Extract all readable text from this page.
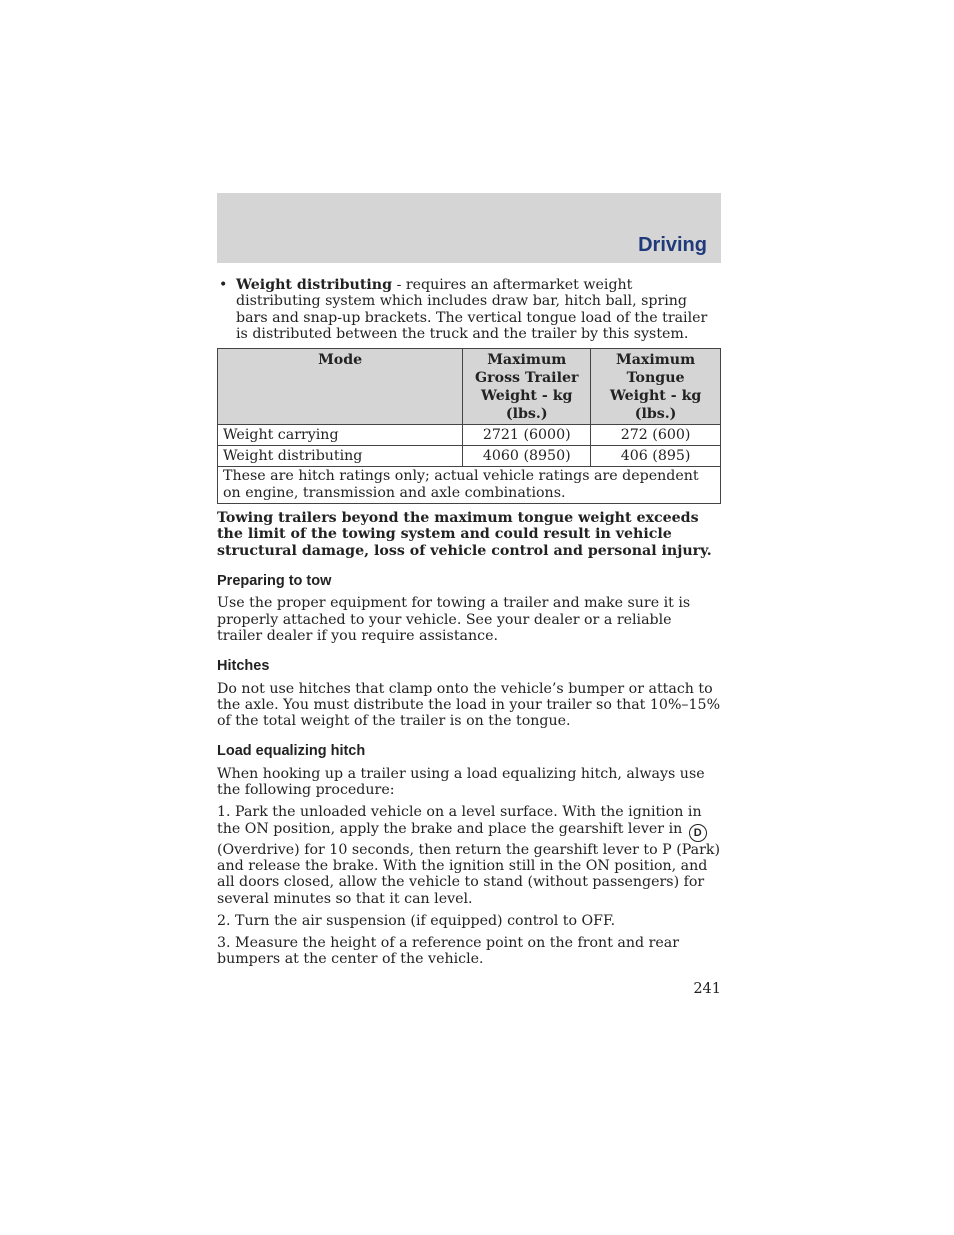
Driving
• Weight distributing - requires an aftermarket weight distributing system which includes draw bar, hitch ball, spring bars and snap-up brackets. The vertical tongue load of the trailer is distributed between the truck and the trailer by this system.
Mode	Maximum Gross Trailer Weight - kg (lbs.)	Maximum Tongue Weight - kg (lbs.)
Weight carrying	2721 (6000)	272 (600)
Weight distributing	4060 (8950)	406 (895)
These are hitch ratings only; actual vehicle ratings are dependent on engine, transmission and axle combinations.		
Towing trailers beyond the maximum tongue weight exceeds the limit of the towing system and could result in vehicle structural damage, loss of vehicle control and personal injury.
Preparing to tow

Use the proper equipment for towing a trailer and make sure it is properly attached to your vehicle. See your dealer or a reliable trailer dealer if you require assistance.

Hitches

Do not use hitches that clamp onto the vehicle’s bumper or attach to the axle. You must distribute the load in your trailer so that 10%–15% of the total weight of the trailer is on the tongue.

Load equalizing hitch

When hooking up a trailer using a load equalizing hitch, always use the following procedure:

1. Park the unloaded vehicle on a level surface. With the ignition in the ON position, apply the brake and place the gearshift lever in D (Overdrive) for 10 seconds, then return the gearshift lever to P (Park) and release the brake. With the ignition still in the ON position, and all doors closed, allow the vehicle to stand (without passengers) for several minutes so that it can level.

2. Turn the air suspension (if equipped) control to OFF.

3. Measure the height of a reference point on the front and rear bumpers at the center of the vehicle.

241
